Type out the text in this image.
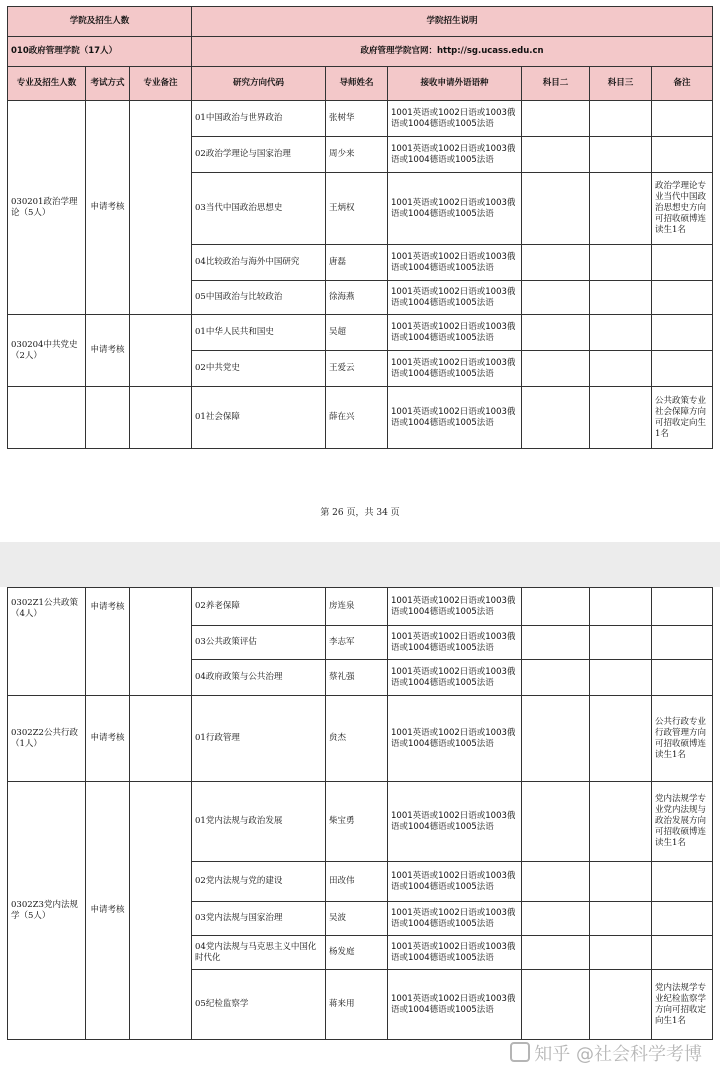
学院及招生人数			学院招生说明					
010政府管理学院（17人）			政府管理学院官网：http://sg.ucass.edu.cn					
专业及招生人数	考试方式	专业备注	研究方向代码	导师姓名	接收申请外语语种	科目二	科目三	备注
030201政治学理论（5人）	申请考核		01中国政治与世界政治	张树华	1001英语或1002日语或1003俄语或1004德语或1005法语			
			02政治学理论与国家治理	周少来	1001英语或1002日语或1003俄语或1004德语或1005法语			
			03当代中国政治思想史	王炳权	1001英语或1002日语或1003俄语或1004德语或1005法语			政治学理论专业当代中国政治思想史方向可招收硕博连读生1名
			04比较政治与海外中国研究	唐磊	1001英语或1002日语或1003俄语或1004德语或1005法语			
			05中国政治与比较政治	徐海燕	1001英语或1002日语或1003俄语或1004德语或1005法语			
030204中共党史（2人）	申请考核		01中华人民共和国史	吴超	1001英语或1002日语或1003俄语或1004德语或1005法语			
			02中共党史	王爱云	1001英语或1002日语或1003俄语或1004德语或1005法语			
			01社会保障	薛在兴	1001英语或1002日语或1003俄语或1004德语或1005法语			公共政策专业社会保障方向可招收定向生1名
第 26 页，共 34 页
0302Z1公共政策（4人）	申请考核		02养老保障	房连泉	1001英语或1002日语或1003俄语或1004德语或1005法语			
			03公共政策评估	李志军	1001英语或1002日语或1003俄语或1004德语或1005法语			
			04政府政策与公共治理	蔡礼强	1001英语或1002日语或1003俄语或1004德语或1005法语			
0302Z2公共行政（1人）	申请考核		01行政管理	贠杰	1001英语或1002日语或1003俄语或1004德语或1005法语			公共行政专业行政管理方向可招收硕博连读生1名
0302Z3党内法规学（5人）	申请考核		01党内法规与政治发展	柴宝勇	1001英语或1002日语或1003俄语或1004德语或1005法语			党内法规学专业党内法规与政治发展方向可招收硕博连读生1名
			02党内法规与党的建设	田改伟	1001英语或1002日语或1003俄语或1004德语或1005法语			
			03党内法规与国家治理	吴波	1001英语或1002日语或1003俄语或1004德语或1005法语			
			04党内法规与马克思主义中国化时代化	杨发庭	1001英语或1002日语或1003俄语或1004德语或1005法语			
			05纪检监察学	蒋来用	1001英语或1002日语或1003俄语或1004德语或1005法语			党内法规学专业纪检监察学方向可招收定向生1名
知乎 @社会科学考博
